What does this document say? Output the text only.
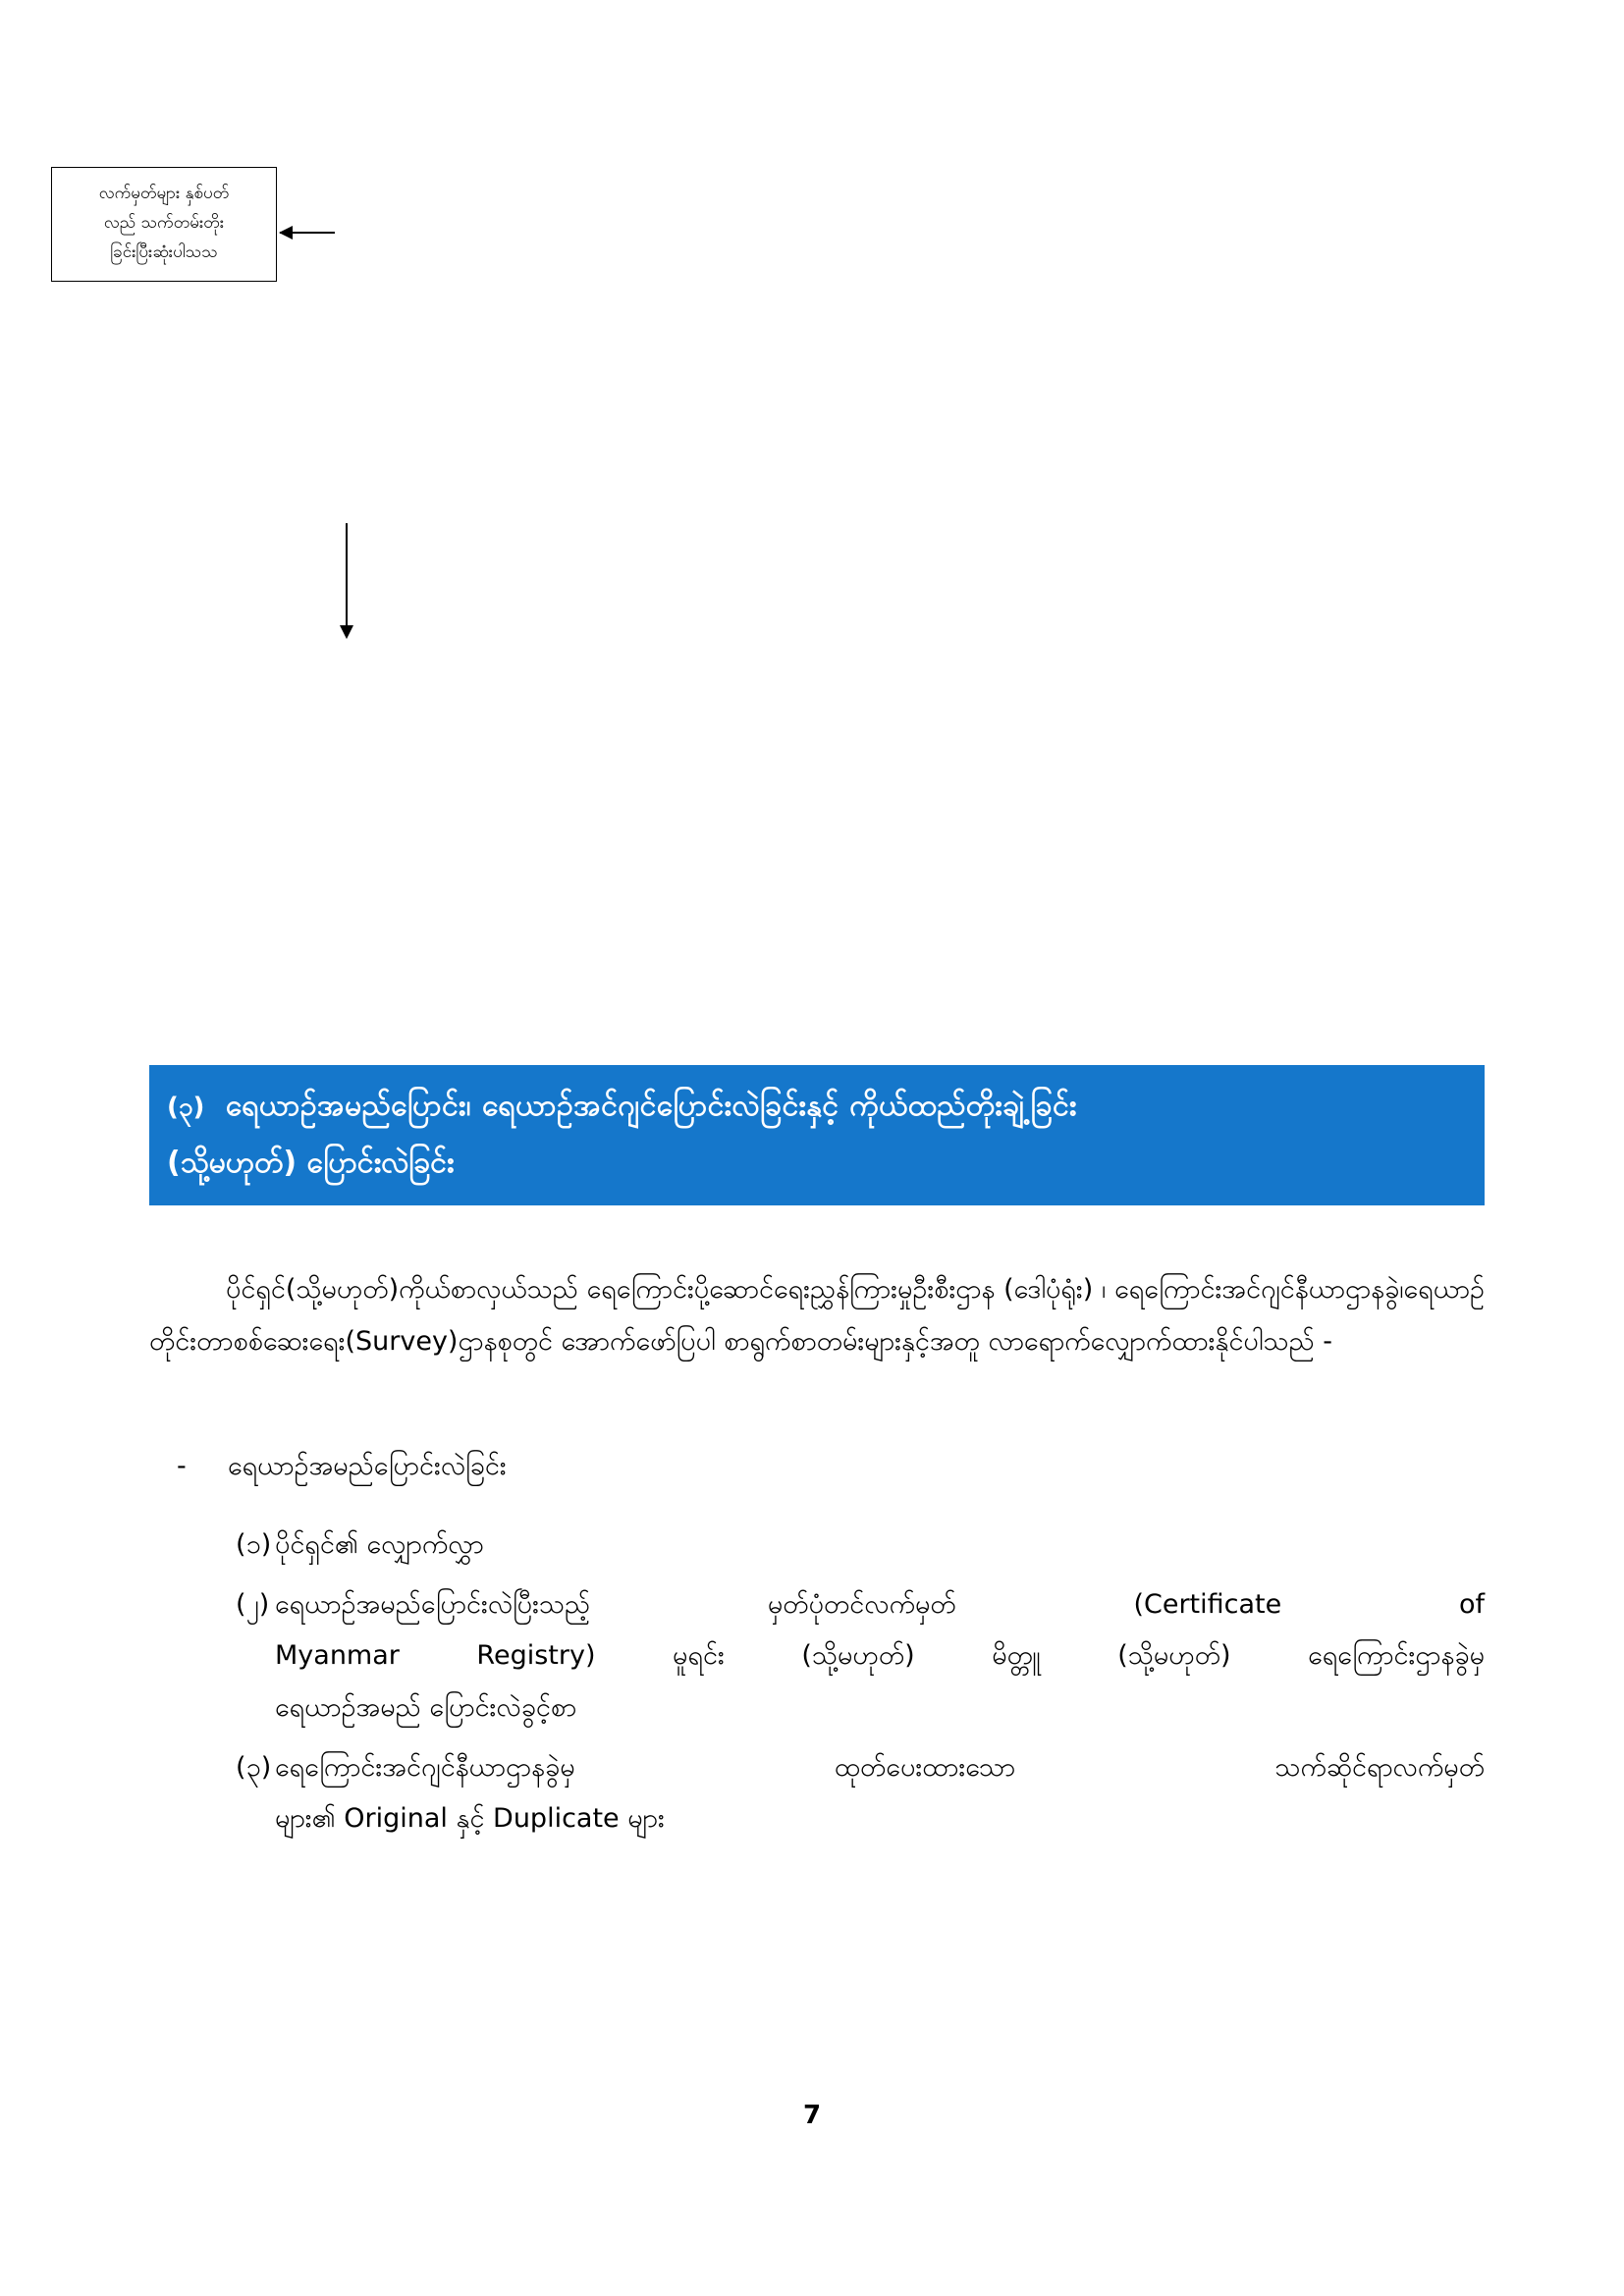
လက်မှတ်များ နှစ်ပတ်
လည် သက်တမ်းတိုး
ခြင်းပြီးဆုံးပါသသ
(၃) ရေယာဉ်အမည်ပြောင်း၊ ရေယာဉ်အင်ဂျင်ပြောင်းလဲခြင်းနှင့် ကိုယ်ထည်တိုးချဲ့ခြင်း
(သို့မဟုတ်) ပြောင်းလဲခြင်း

ပိုင်ရှင်(သို့မဟုတ်)ကိုယ်စာလှယ်သည် ရေကြောင်းပို့ဆောင်ရေးညွှန်ကြားမှုဦးစီးဌာန (ဒေါပုံရုံး) ၊ ရေကြောင်းအင်ဂျင်နီယာဌာနခွဲ၊ရေယာဉ်တိုင်းတာစစ်ဆေးရေး(Survey)ဌာနစုတွင် အောက်ဖော်ပြပါ စာရွက်စာတမ်းများနှင့်အတူ လာရောက်လျှောက်ထားနိုင်ပါသည် -

-	ရေယာဉ်အမည်ပြောင်းလဲခြင်း
(၁) ပိုင်ရှင်၏ လျှောက်လွှာ
(၂) ရေယာဉ်အမည်ပြောင်းလဲပြီးသည့် မှတ်ပုံတင်လက်မှတ် (Certificate of
Myanmar Registry) မူရင်း (သို့မဟုတ်) မိတ္တူ (သို့မဟုတ်) ရေကြောင်းဌာနခွဲမှ
ရေယာဉ်အမည် ပြောင်းလဲခွင့်စာ
(၃) ရေကြောင်းအင်ဂျင်နီယာဌာနခွဲမှ ထုတ်ပေးထားသော သက်ဆိုင်ရာလက်မှတ်
များ၏ Original နှင့် Duplicate များ
7
